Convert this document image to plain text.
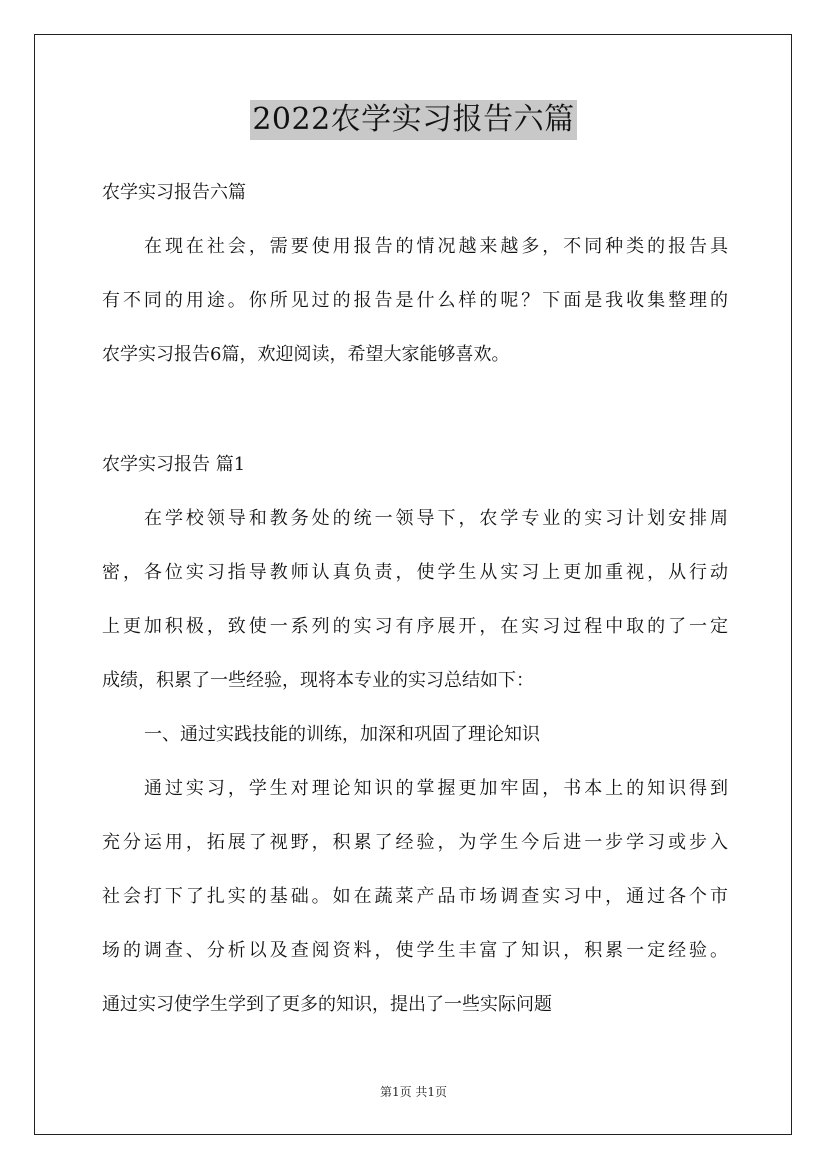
2022农学实习报告六篇
农学实习报告六篇
在现在社会，需要使用报告的情况越来越多，不同种类的报告具
有不同的用途。你所见过的报告是什么样的呢？下面是我收集整理的
农学实习报告6篇，欢迎阅读，希望大家能够喜欢。
农学实习报告 篇1
在学校领导和教务处的统一领导下，农学专业的实习计划安排周
密，各位实习指导教师认真负责，使学生从实习上更加重视，从行动
上更加积极，致使一系列的实习有序展开，在实习过程中取的了一定
成绩，积累了一些经验，现将本专业的实习总结如下：
一、通过实践技能的训练，加深和巩固了理论知识
通过实习，学生对理论知识的掌握更加牢固，书本上的知识得到
充分运用，拓展了视野，积累了经验，为学生今后进一步学习或步入
社会打下了扎实的基础。如在蔬菜产品市场调查实习中，通过各个市
场的调查、分析以及查阅资料，使学生丰富了知识，积累一定经验。
通过实习使学生学到了更多的知识，提出了一些实际问题
第1页 共1页
